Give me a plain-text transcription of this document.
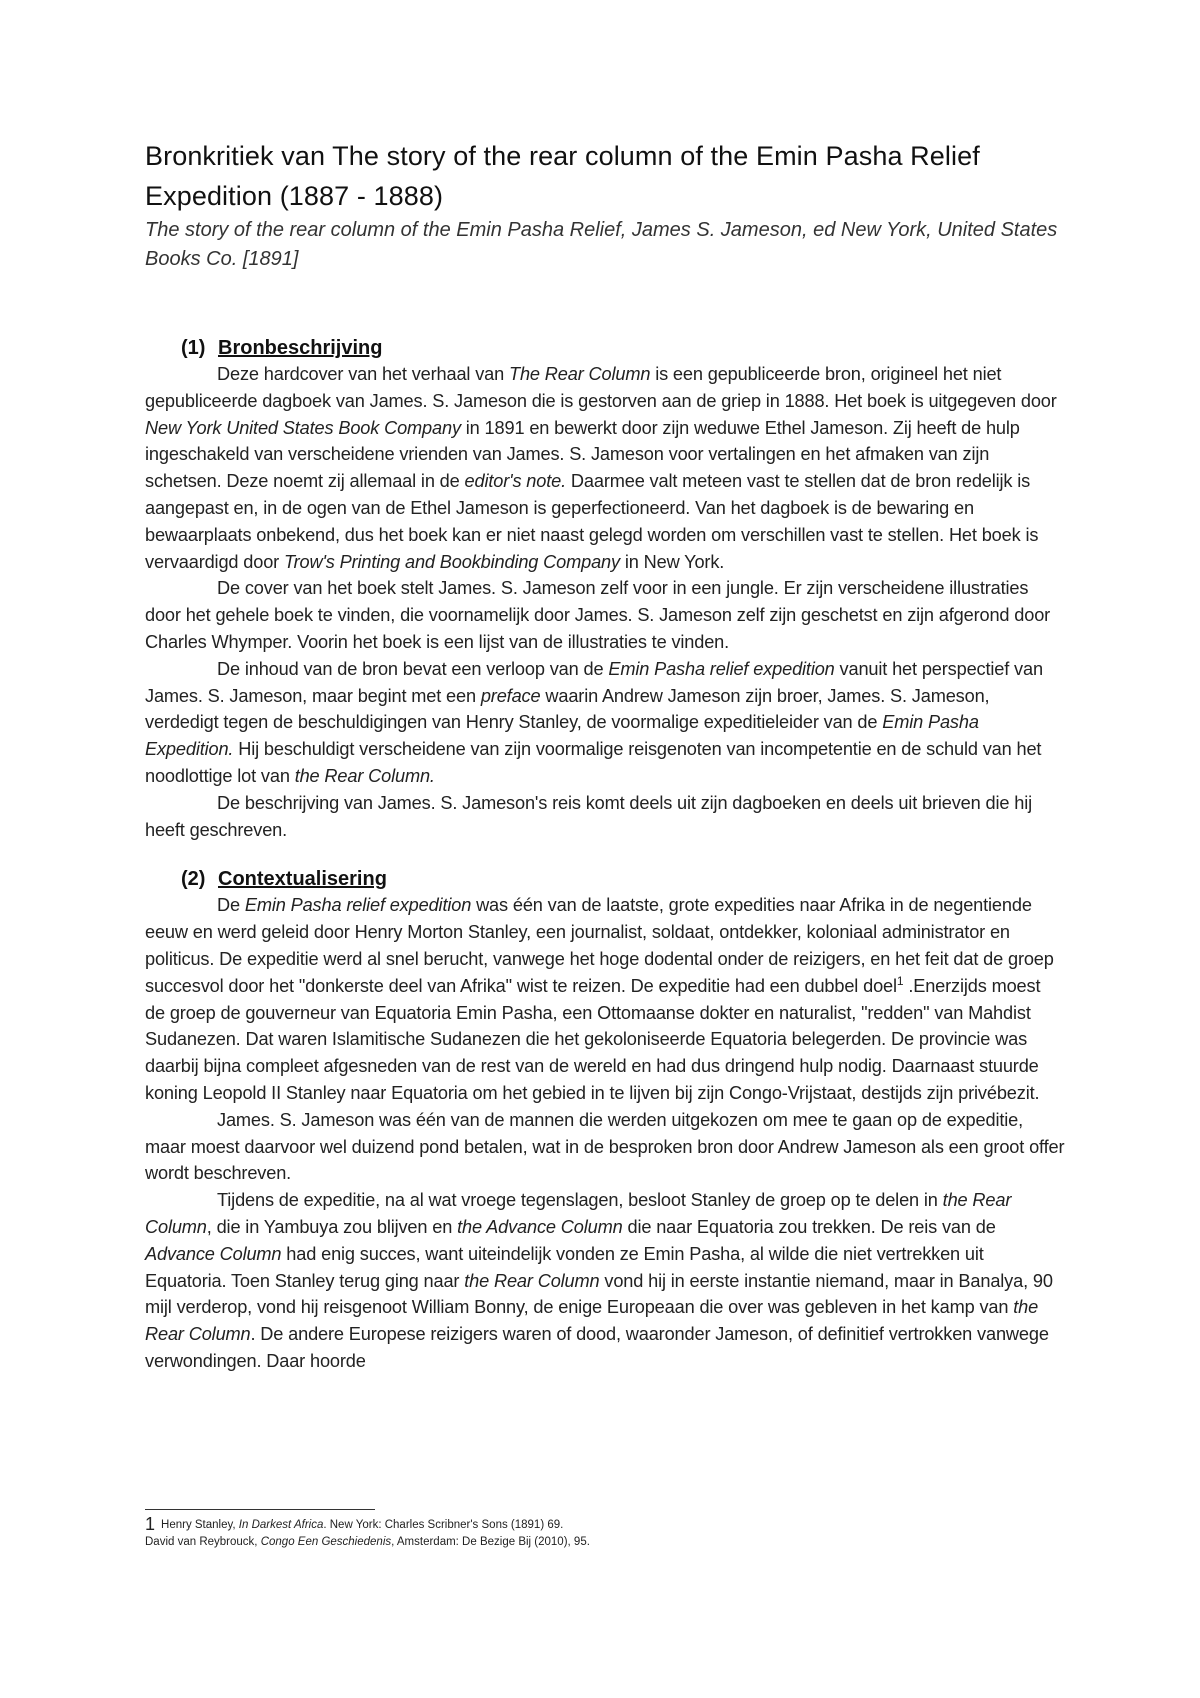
Bronkritiek van The story of the rear column of the Emin Pasha Relief Expedition (1887 - 1888)

The story of the rear column of the Emin Pasha Relief, James S. Jameson, ed New York, United States Books Co. [1891]

(1) Bronbeschrijving

Deze hardcover van het verhaal van The Rear Column is een gepubliceerde bron, origineel het niet gepubliceerde dagboek van James. S. Jameson die is gestorven aan de griep in 1888. Het boek is uitgegeven door New York United States Book Company in 1891 en bewerkt door zijn weduwe Ethel Jameson. Zij heeft de hulp ingeschakeld van verscheidene vrienden van James. S. Jameson voor vertalingen en het afmaken van zijn schetsen. Deze noemt zij allemaal in de editor's note. Daarmee valt meteen vast te stellen dat de bron redelijk is aangepast en, in de ogen van de Ethel Jameson is geperfectioneerd. Van het dagboek is de bewaring en bewaarplaats onbekend, dus het boek kan er niet naast gelegd worden om verschillen vast te stellen. Het boek is vervaardigd door Trow's Printing and Bookbinding Company in New York.

De cover van het boek stelt James. S. Jameson zelf voor in een jungle. Er zijn verscheidene illustraties door het gehele boek te vinden, die voornamelijk door James. S. Jameson zelf zijn geschetst en zijn afgerond door Charles Whymper. Voorin het boek is een lijst van de illustraties te vinden.

De inhoud van de bron bevat een verloop van de Emin Pasha relief expedition vanuit het perspectief van James. S. Jameson, maar begint met een preface waarin Andrew Jameson zijn broer, James. S. Jameson, verdedigt tegen de beschuldigingen van Henry Stanley, de voormalige expeditieleider van de Emin Pasha Expedition. Hij beschuldigt verscheidene van zijn voormalige reisgenoten van incompetentie en de schuld van het noodlottige lot van the Rear Column.

De beschrijving van James. S. Jameson's reis komt deels uit zijn dagboeken en deels uit brieven die hij heeft geschreven.

(2) Contextualisering

De Emin Pasha relief expedition was één van de laatste, grote expedities naar Afrika in de negentiende eeuw en werd geleid door Henry Morton Stanley, een journalist, soldaat, ontdekker, koloniaal administrator en politicus. De expeditie werd al snel berucht, vanwege het hoge dodental onder de reizigers, en het feit dat de groep succesvol door het "donkerste deel van Afrika" wist te reizen. De expeditie had een dubbel doel$^1$ .Enerzijds moest de groep de gouverneur van Equatoria Emin Pasha, een Ottomaanse dokter en naturalist, "redden" van Mahdist Sudanezen. Dat waren Islamitische Sudanezen die het gekoloniseerde Equatoria belegerden. De provincie was daarbij bijna compleet afgesneden van de rest van de wereld en had dus dringend hulp nodig. Daarnaast stuurde koning Leopold II Stanley naar Equatoria om het gebied in te lijven bij zijn Congo-Vrijstaat, destijds zijn privébezit.

James. S. Jameson was één van de mannen die werden uitgekozen om mee te gaan op de expeditie, maar moest daarvoor wel duizend pond betalen, wat in de besproken bron door Andrew Jameson als een groot offer wordt beschreven.

Tijdens de expeditie, na al wat vroege tegenslagen, besloot Stanley de groep op te delen in the Rear Column, die in Yambuya zou blijven en the Advance Column die naar Equatoria zou trekken. De reis van de Advance Column had enig succes, want uiteindelijk vonden ze Emin Pasha, al wilde die niet vertrekken uit Equatoria. Toen Stanley terug ging naar the Rear Column vond hij in eerste instantie niemand, maar in Banalya, 90 mijl verderop, vond hij reisgenoot William Bonny, de enige Europeaan die over was gebleven in het kamp van the Rear Column. De andere Europese reizigers waren of dood, waaronder Jameson, of definitief vertrokken vanwege verwondingen. Daar hoorde

1 Henry Stanley, In Darkest Africa. New York: Charles Scribner's Sons (1891) 69.

David van Reybrouck, Congo Een Geschiedenis, Amsterdam: De Bezige Bij (2010), 95.
